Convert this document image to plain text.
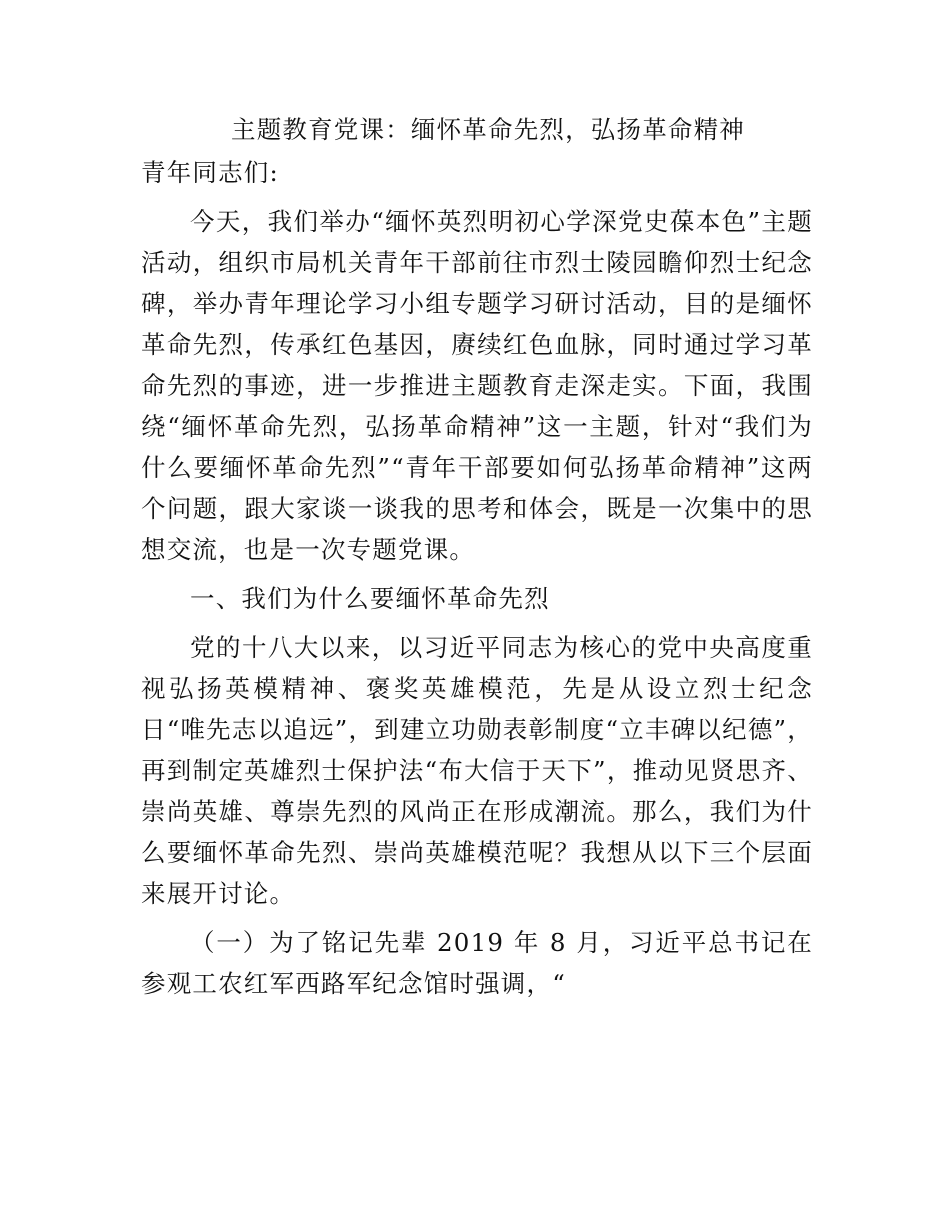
主题教育党课：缅怀革命先烈，弘扬革命精神

青年同志们:

今天，我们举办“缅怀英烈明初心学深党史葆本色”主题活动，组织市局机关青年干部前往市烈士陵园瞻仰烈士纪念碑，举办青年理论学习小组专题学习研讨活动，目的是缅怀革命先烈，传承红色基因，赓续红色血脉，同时通过学习革命先烈的事迹，进一步推进主题教育走深走实。下面，我围绕“缅怀革命先烈，弘扬革命精神”这一主题，针对“我们为什么要缅怀革命先烈”“青年干部要如何弘扬革命精神”这两个问题，跟大家谈一谈我的思考和体会，既是一次集中的思想交流，也是一次专题党课。

一、我们为什么要缅怀革命先烈

党的十八大以来，以习近平同志为核心的党中央高度重视弘扬英模精神、褒奖英雄模范，先是从设立烈士纪念日“唯先志以追远”，到建立功勋表彰制度“立丰碑以纪德”，再到制定英雄烈士保护法“布大信于天下”，推动见贤思齐、崇尚英雄、尊崇先烈的风尚正在形成潮流。那么，我们为什么要缅怀革命先烈、崇尚英雄模范呢？我想从以下三个层面来展开讨论。

（一）为了铭记先辈 2019 年 8 月，习近平总书记在参观工农红军西路军纪念馆时强调，“
